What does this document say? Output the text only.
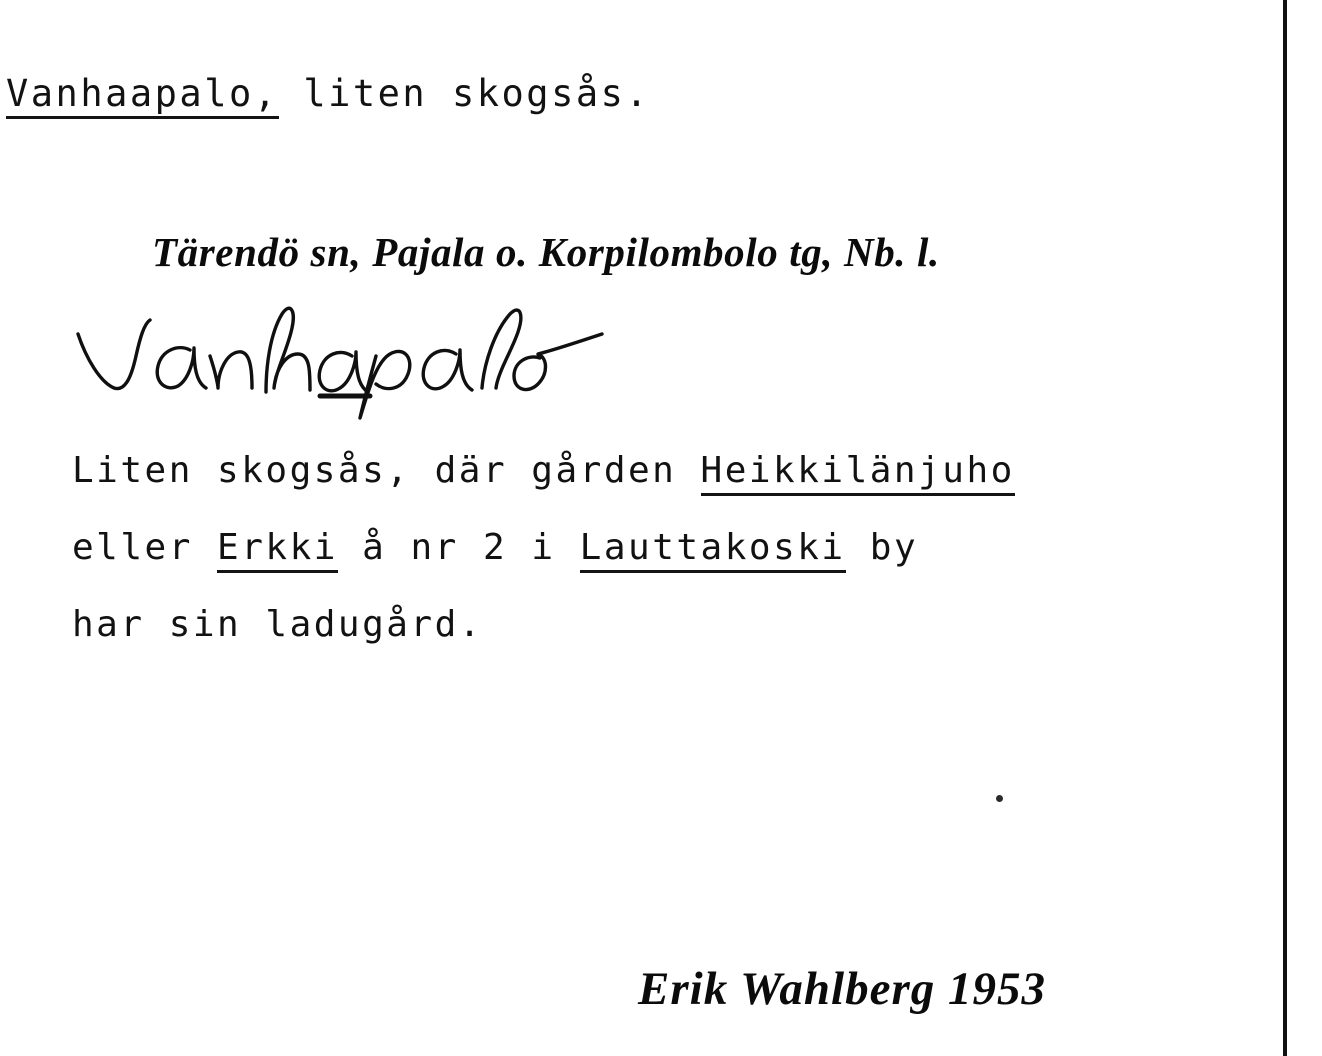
Vanhaapalo, liten skogsås.
Tärendö sn, Pajala o. Korpilombolo tg, Nb. l.
Liten skogsås, där gården Heikkilänjuho
eller Erkki å nr 2 i Lauttakoski by
har sin ladugård.
Erik Wahlberg 1953
